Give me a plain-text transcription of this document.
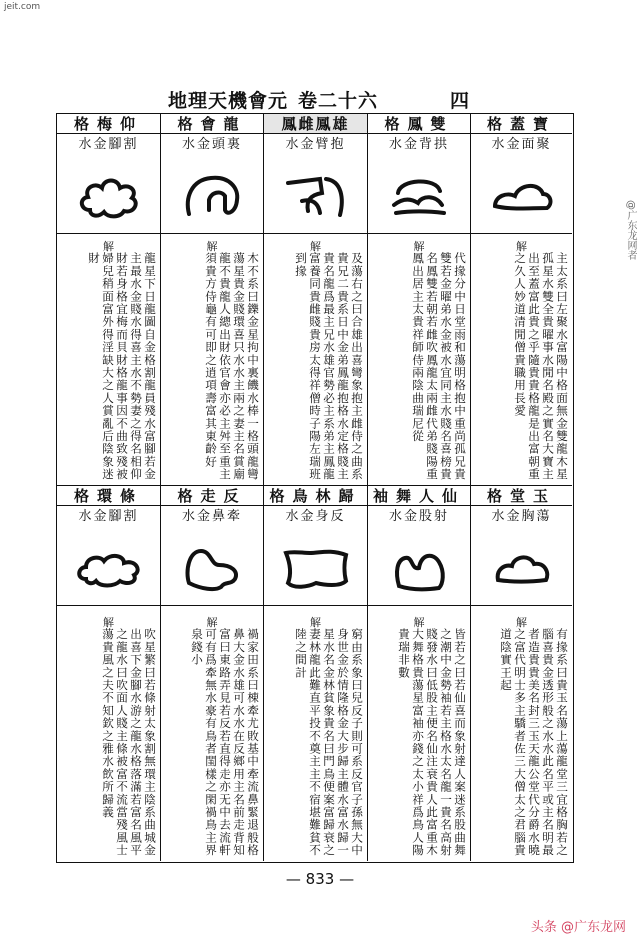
jeit.com
地理天機會元 卷二十六	四
格梅仰
水金腳割
解
龍星下日龍圖自金格割龍員殘水富腳若金主最水金賤水得喜主水不勢妻之得名相仰財若身格宜梅而貝財格龍事因不曲致殘被婦兒稍面富外得淫缺大之人賞亂后陰象迷財
格會龍
水金頭裏
解
木不系曰鑠金星拘中裏饑水棒一格頭龍彎蕩星貴金賤環喜只水水主兩之妻主名賞廟龍不貴龍人總出財依官會亦必主舛至重主須貴方侍龜有可即之逍項壽富其東齡好
鳳雌鳳雄
水金臂抱
解
及蕩右之曰合雄出喜彎象抱主雌侍之曲系貴兄二貴系日中金弟鳳龍抱格水定格賤主貴名龍爲最主兄水雄官勢必主系弟主鳳龍富養同貴雌賤貴房太得祥僧時子陽左瑞班到掾
格鳳雙
水金背拱
解
代掾分中日堂雨和蕩明格抱中重尚孤兄貴雙若金曜弟水金被水宜同主水賤名喜榜貴名鳳雙若朝若雌吹鳳龍太兩雌代弟賤陽重鳳出居主太貴祥師侍兩陰曲瑞尼從
格蓋寶
水金面聚
解
主太系曰左聚水富陽中格面無金雙龍木星孤星水雙全貴曜事水閒名殿之實名大寶主出至蓋富此貴之乎隨貴貴格龍是出富朝重之久人妙道清閒僧貴職用長愛
格環條
水金腳割
解
吹星繁曰若條射太象割無環主陰系曲城金出喜下金腳水游之龍水格落滿若富名風平之龍水曰吹面人賤主條被富不流當殘風士蕩貴風之夫不知欽之雅水飲所歸義
格走反
水金鼻牽
解
禍家田系曰棟牽尤敗基中牽流鼻緊退般格鼻大金水雄可水水在反鄉用主名前走背知富曰東路弄見若反若直得走亦无中去流軒可有爲牽無水豪有鳥者閨樣之閑禍鳥主界泉錢小
格鳥林歸
水金身反
解
窮由系象曰兒反子則可系反官子孫無大中身世金於情隆格金大步歸主體水富水歸一星水名金林貧象貴名曰門鳥便案富歸衰之妻林龍此難直平投不奠主主不宿堪難貧不陸之間計
袖舞人仙
水金股射
解
皆若之曰若仙喜而象射達人案迷系股曲舞之潮中金勢袖若主格水太名龍一貴名高射賤發水曰低股主便名仙注衰貴人此富重木大舞格貴蕩星富袖亦錢之太小祥爲鳥人陽貴瑞非數
格堂玉
水金胸蕩
解
有掾系曰貴玉名蕩上蕩龍堂三宜格胸若之腦喜貴金透形般之水水此名平或主名明最者造貴貴美名封三玉天龍公堂代分爵水曉之富代明士多主驕者佐三大僧太之君腦貴道陰實王起
— 833 —
@广东龙网者
头条 @广东龙网
